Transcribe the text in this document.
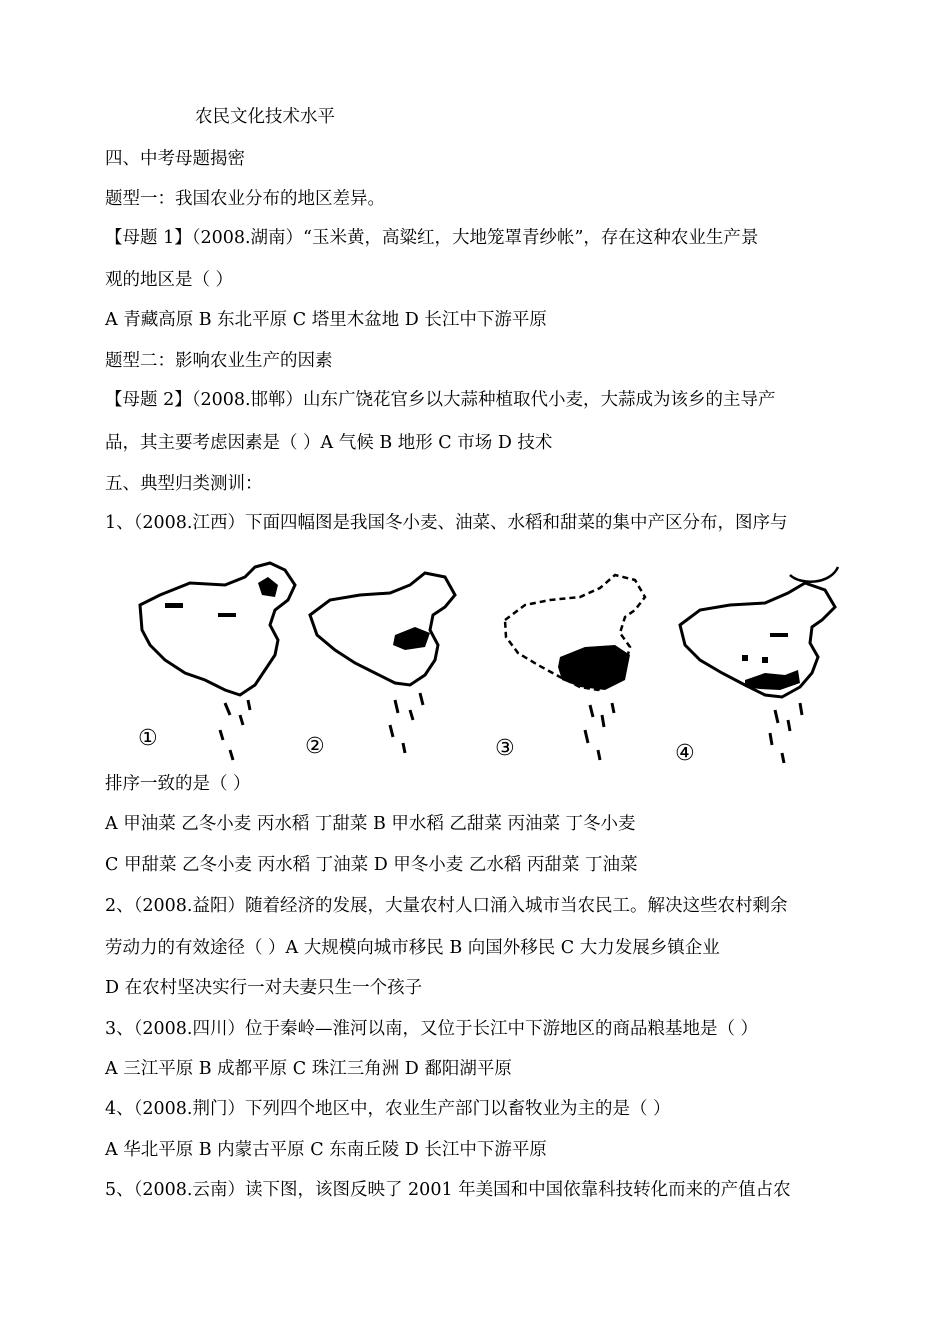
农民文化技术水平
四、中考母题揭密
题型一：我国农业分布的地区差异。
【母题 1】（2008.湖南）“玉米黄，高粱红，大地笼罩青纱帐”，存在这种农业生产景
观的地区是（ ）
A 青藏高原 B 东北平原 C 塔里木盆地 D 长江中下游平原
题型二：影响农业生产的因素
【母题 2】（2008.邯郸）山东广饶花官乡以大蒜种植取代小麦，大蒜成为该乡的主导产
品，其主要考虑因素是（ ）A 气候 B 地形 C 市场 D 技术
五、典型归类测训：
1、（2008.江西）下面四幅图是我国冬小麦、油菜、水稻和甜菜的集中产区分布，图序与
①	②	③	④
排序一致的是（ ）
A 甲油菜 乙冬小麦 丙水稻 丁甜菜 B 甲水稻 乙甜菜 丙油菜 丁冬小麦
C 甲甜菜 乙冬小麦 丙水稻 丁油菜 D 甲冬小麦 乙水稻 丙甜菜 丁油菜
2、（2008.益阳）随着经济的发展，大量农村人口涌入城市当农民工。解决这些农村剩余
劳动力的有效途径（ ）A 大规模向城市移民 B 向国外移民 C 大力发展乡镇企业
D 在农村坚决实行一对夫妻只生一个孩子
3、（2008.四川）位于秦岭—淮河以南，又位于长江中下游地区的商品粮基地是（ ）
A 三江平原 B 成都平原 C 珠江三角洲 D 鄱阳湖平原
4、（2008.荆门）下列四个地区中，农业生产部门以畜牧业为主的是（ ）
A 华北平原 B 内蒙古平原 C 东南丘陵 D 长江中下游平原
5、（2008.云南）读下图，该图反映了 2001 年美国和中国依靠科技转化而来的产值占农
